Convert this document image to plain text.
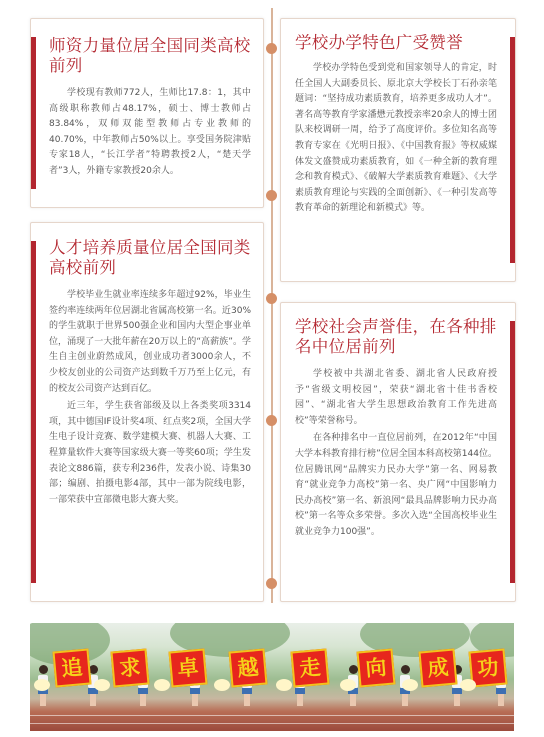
师资力量位居全国同类高校前列

学校现有教师772人，生师比17.8：1，其中高级职称教师占48.17%，硕士、博士教师占83.84%，双师双能型教师占专业教师的40.70%，中年教师占50%以上。享受国务院津贴专家18人，“长江学者”特聘教授2人，“楚天学者”3人，外籍专家教授20余人。

学校办学特色广受赞誉

学校办学特色受到党和国家领导人的肯定，时任全国人大副委员长、原北京大学校长丁石孙亲笔题词：“坚持成功素质教育，培养更多成功人才”。著名高等教育学家潘懋元教授亲率20余人的博士团队来校调研一周，给予了高度评价。多位知名高等教育专家在《光明日报》、《中国教育报》等权威媒体发文盛赞成功素质教育，如《一种全新的教育理念和教育模式》、《破解大学素质教育难题》、《大学素质教育理论与实践的全面创新》、《一种引发高等教育革命的新理论和新模式》等。

人才培养质量位居全国同类高校前列

学校毕业生就业率连续多年超过92%，毕业生签约率连续两年位居湖北省属高校第一名。近30%的学生就职于世界500强企业和国内大型企事业单位，涌现了一大批年薪在20万以上的“高薪族”。学生自主创业蔚然成风，创业成功者3000余人，不少校友创业的公司资产达到数千万乃至上亿元，有的校友公司资产达到百亿。

近三年，学生获省部级及以上各类奖项3314项，其中德国IF设计奖4项、红点奖2项，全国大学生电子设计竞赛、数学建模大赛、机器人大赛、工程算量软件大赛等国家级大赛一等奖60项；学生发表论文886篇，获专利236件，发表小说、诗集30部；编剧、拍摄电影4部，其中一部为院线电影，一部荣获中宣部微电影大赛大奖。

学校社会声誉佳，在各种排名中位居前列

学校被中共湖北省委、湖北省人民政府授予“省级文明校园”，荣获“湖北省十佳书香校园”、“湖北省大学生思想政治教育工作先进高校”等荣誉称号。

在各种排名中一直位居前列，在2012年“中国大学本科教育排行榜”位居全国本科高校第144位。位居腾讯网“品牌实力民办大学”第一名、网易教育“就业竞争力高校”第一名、央广网“中国影响力民办高校”第一名、新浪网“最具品牌影响力民办高校”第一名等众多荣誉。多次入选“全国高校毕业生就业竞争力100强”。

追	求	卓	越	走	向	成	功
